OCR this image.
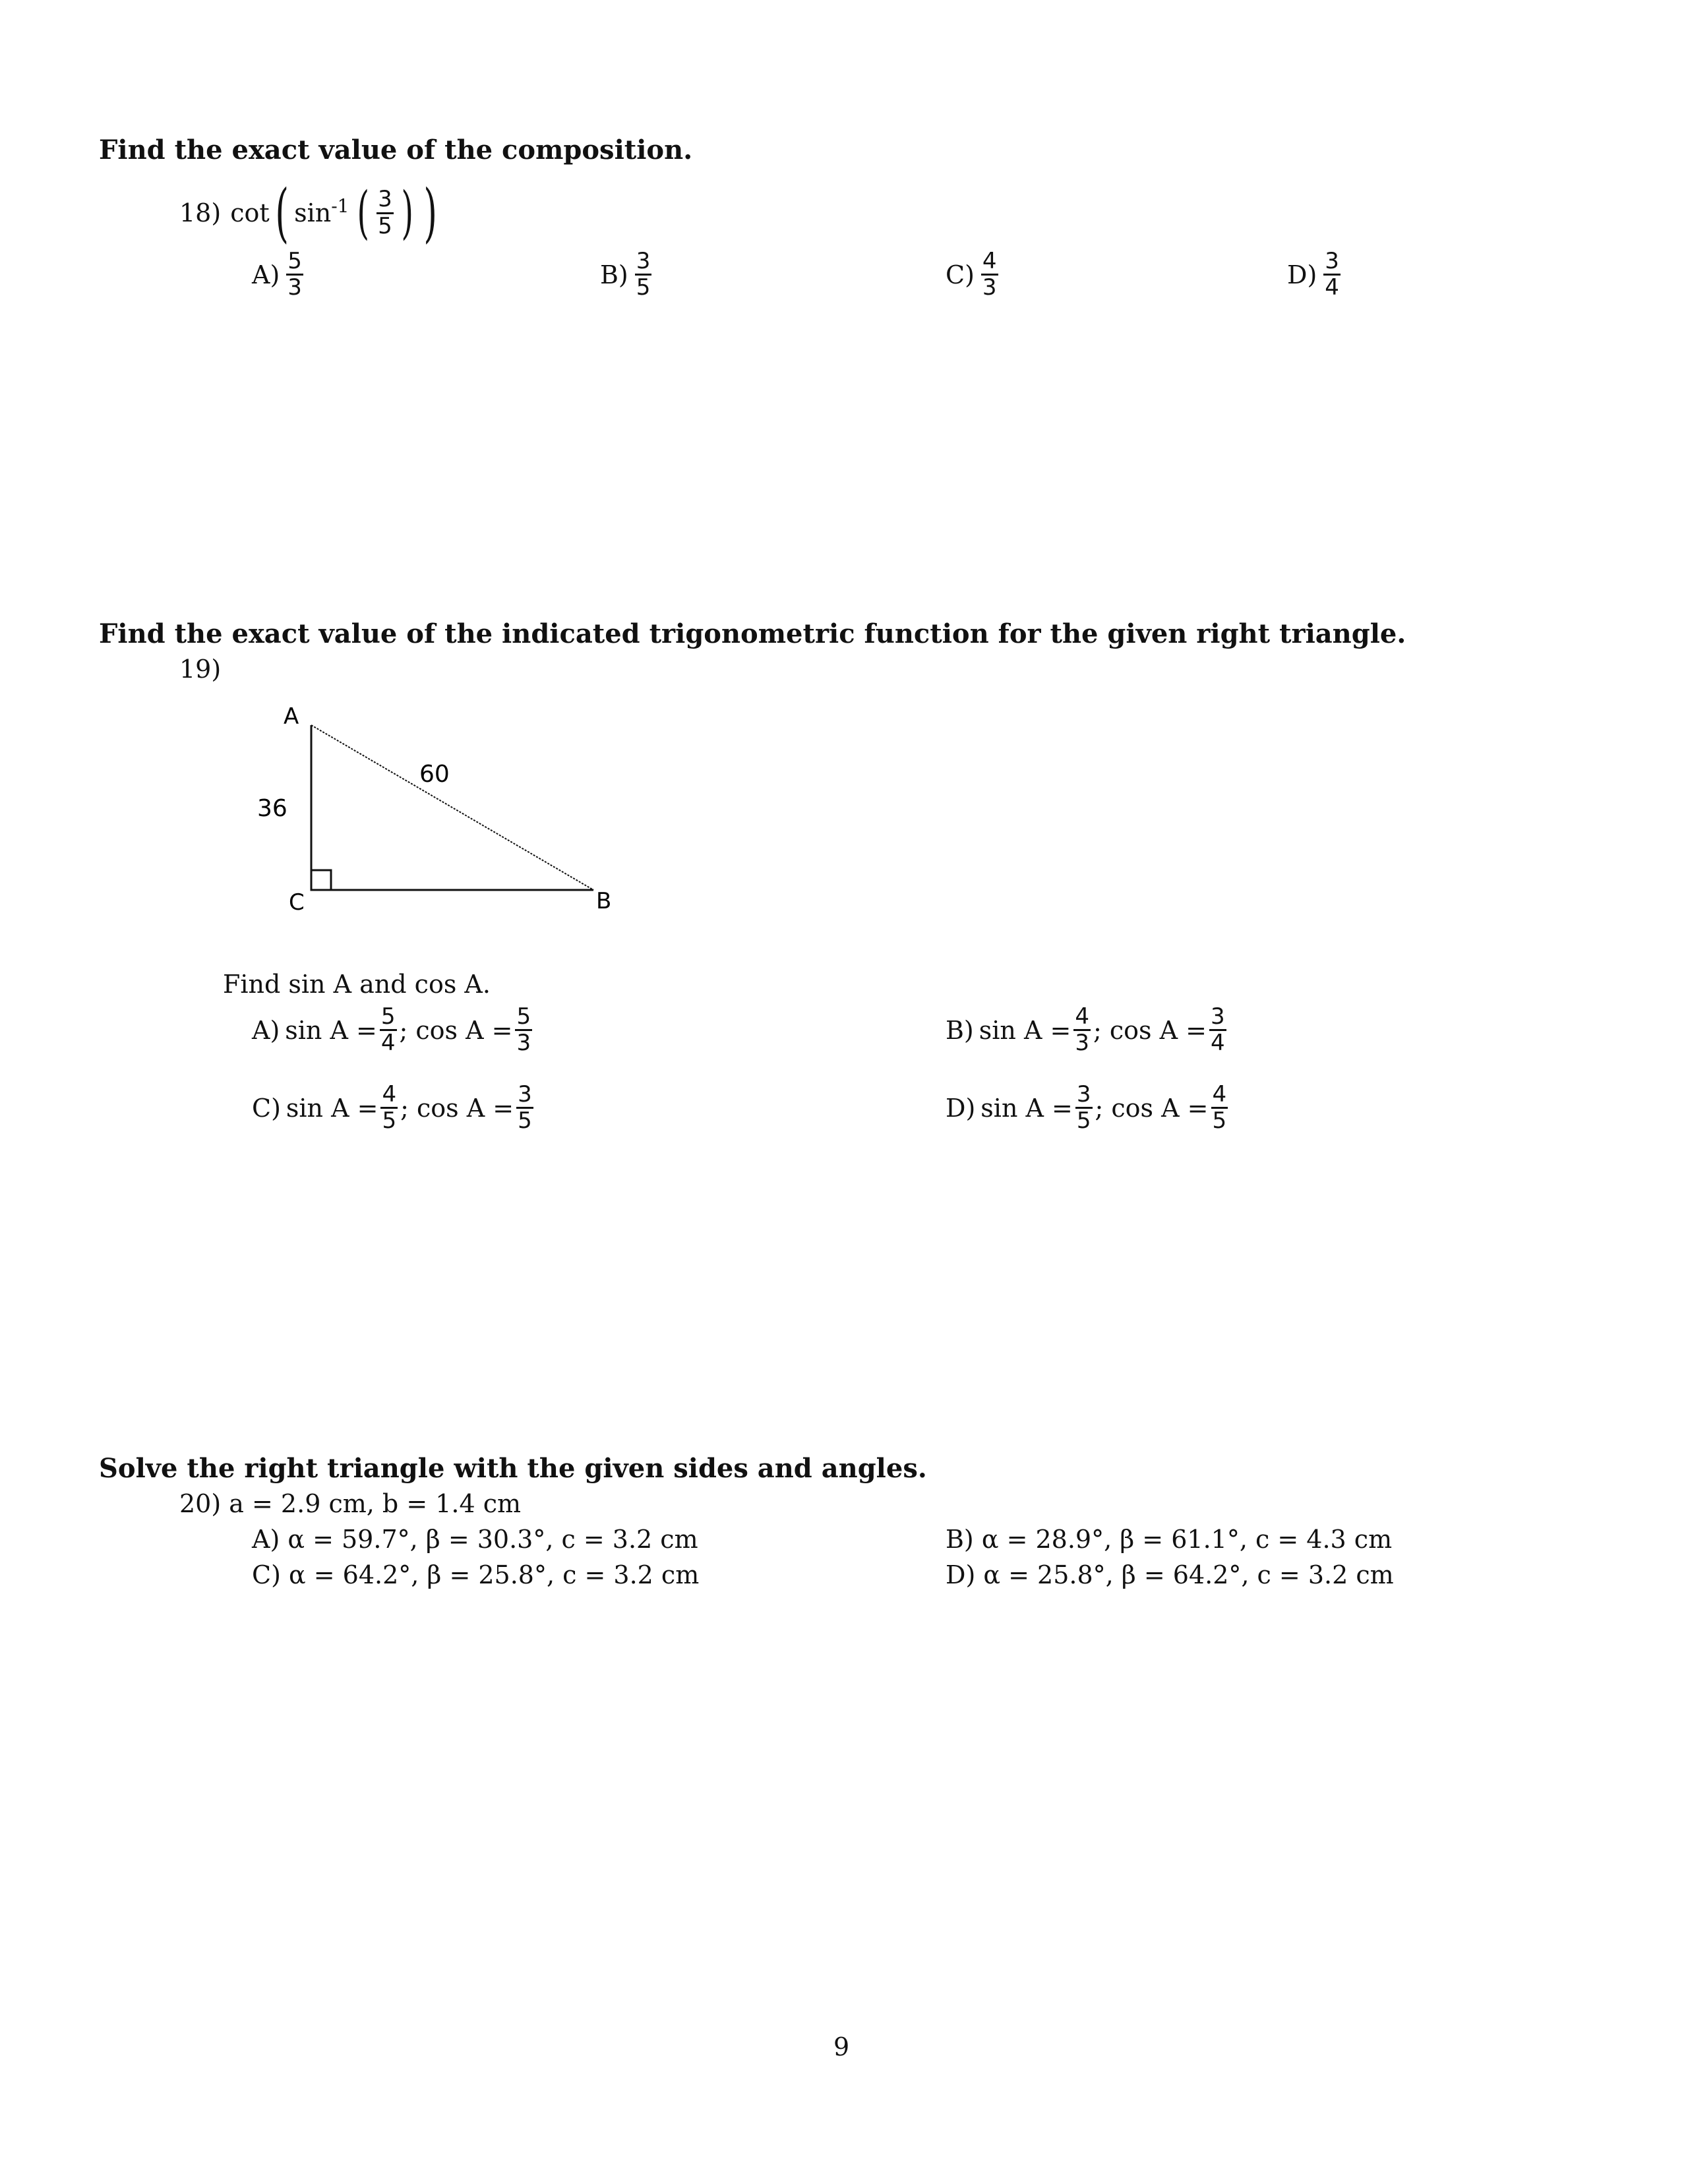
Find the exact value of the composition.
18) cot ( $\sin^{-1}$ ( $\frac{3}{5}$ ) )
$A) \frac{5}{3}$	$B) \frac{3}{5}$	$C) \frac{4}{3}$	$D) \frac{3}{4}$
Find the exact value of the indicated trigonometric function for the given right triangle.
19)
A
B
C
36
60
Find sin A and cos A.
A) $\sin A = \frac{5}{4}$ ; $\cos A = \frac{5}{3}$	B) $\sin A = \frac{4}{3}$ ; $\cos A = \frac{3}{4}$
C) $\sin A = \frac{4}{5}$ ; $\cos A = \frac{3}{5}$	D) $\sin A = \frac{3}{5}$ ; $\cos A = \frac{4}{5}$
Solve the right triangle with the given sides and angles.
20) a = 2.9 cm, b = 1.4 cm
A) α = 59.7°, β = 30.3°, c = 3.2 cm	B) α = 28.9°, β = 61.1°, c = 4.3 cm
C) α = 64.2°, β = 25.8°, c = 3.2 cm	D) α = 25.8°, β = 64.2°, c = 3.2 cm
9
